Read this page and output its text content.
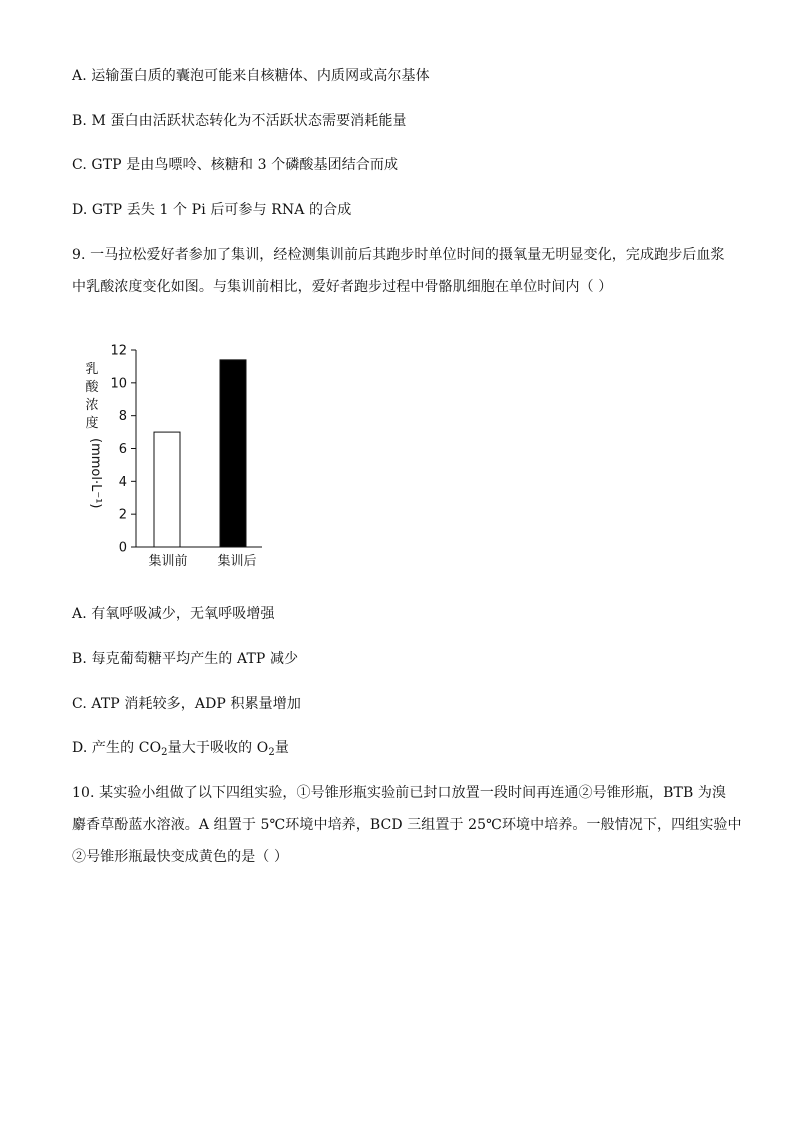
A. 运输蛋白质的囊泡可能来自核糖体、内质网或高尔基体
B. M 蛋白由活跃状态转化为不活跃状态需要消耗能量
C. GTP 是由鸟嘌呤、核糖和 3 个磷酸基团结合而成
D. GTP 丢失 1 个 Pi 后可参与 RNA 的合成
9. 一马拉松爱好者参加了集训，经检测集训前后其跑步时单位时间的摄氧量无明显变化，完成跑步后血浆
中乳酸浓度变化如图。与集训前相比，爱好者跑步过程中骨骼肌细胞在单位时间内（ ）
乳
酸
浓
度
(mmol·L⁻¹)
0
2
4
6
8
10
12
集训前 集训后
A. 有氧呼吸减少，无氧呼吸增强
B. 每克葡萄糖平均产生的 ATP 减少
C. ATP 消耗较多，ADP 积累量增加
D. 产生的 $CO_2$量大于吸收的 $O_2$量
10. 某实验小组做了以下四组实验，①号锥形瓶实验前已封口放置一段时间再连通②号锥形瓶，BTB 为溴
麝香草酚蓝水溶液。A 组置于 5℃环境中培养，BCD 三组置于 25℃环境中培养。一般情况下，四组实验中
②号锥形瓶最快变成黄色的是（ ）
